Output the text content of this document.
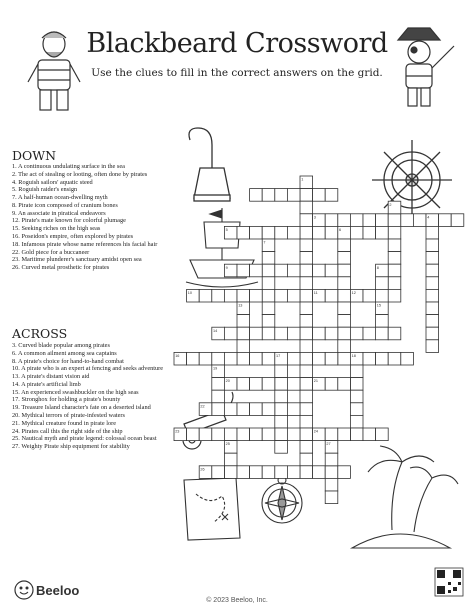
Blackbeard Crossword
Use the clues to fill in the correct answers on the grid.
DOWN
1. A continuous undulating surface in the sea
2. The act of stealing or looting, often done by pirates
4. Roguish sailors' aquatic steed
5. Roguish raider's ensign
7. A half-human ocean-dwelling myth
8. Pirate icon composed of cranium bones
9. An associate in piratical endeavors
12. Pirate's mate known for colorful plumage
15. Seeking riches on the high seas
16. Poseidon's empire, often explored by pirates
18. Infamous pirate whose name references his facial hair
22. Gold piece for a buccaneer
23. Maritime plunderer's sanctuary amidst open sea
26. Curved metal prosthetic for pirates
ACROSS
3. Curved blade popular among pirates
6. A common ailment among sea captains
8. A pirate's choice for hand-to-hand combat
10. A pirate who is an expert at fencing and seeks adventure
13. A pirate's distant vision aid
14. A pirate's artificial limb
15. An experienced swashbuckler on the high seas
17. Stronghox for holding a pirate's bounty
19. Treasure Island character's fate on a deserted island
20. Mythical terrors of pirate-infested waters
21. Mythical creature found in pirate lore
24. Pirates call this the right side of the ship
25. Nautical myth and pirate legend: colossal ocean beast
27. Weighty Pirate ship equipment for stability
1
2
3	4
5	6
7
8
9
10	11	12
13
14
15
16	17	18
19
20	21
22
23	24
25
26
27
Beeloo
© 2023 Beeloo, Inc.
